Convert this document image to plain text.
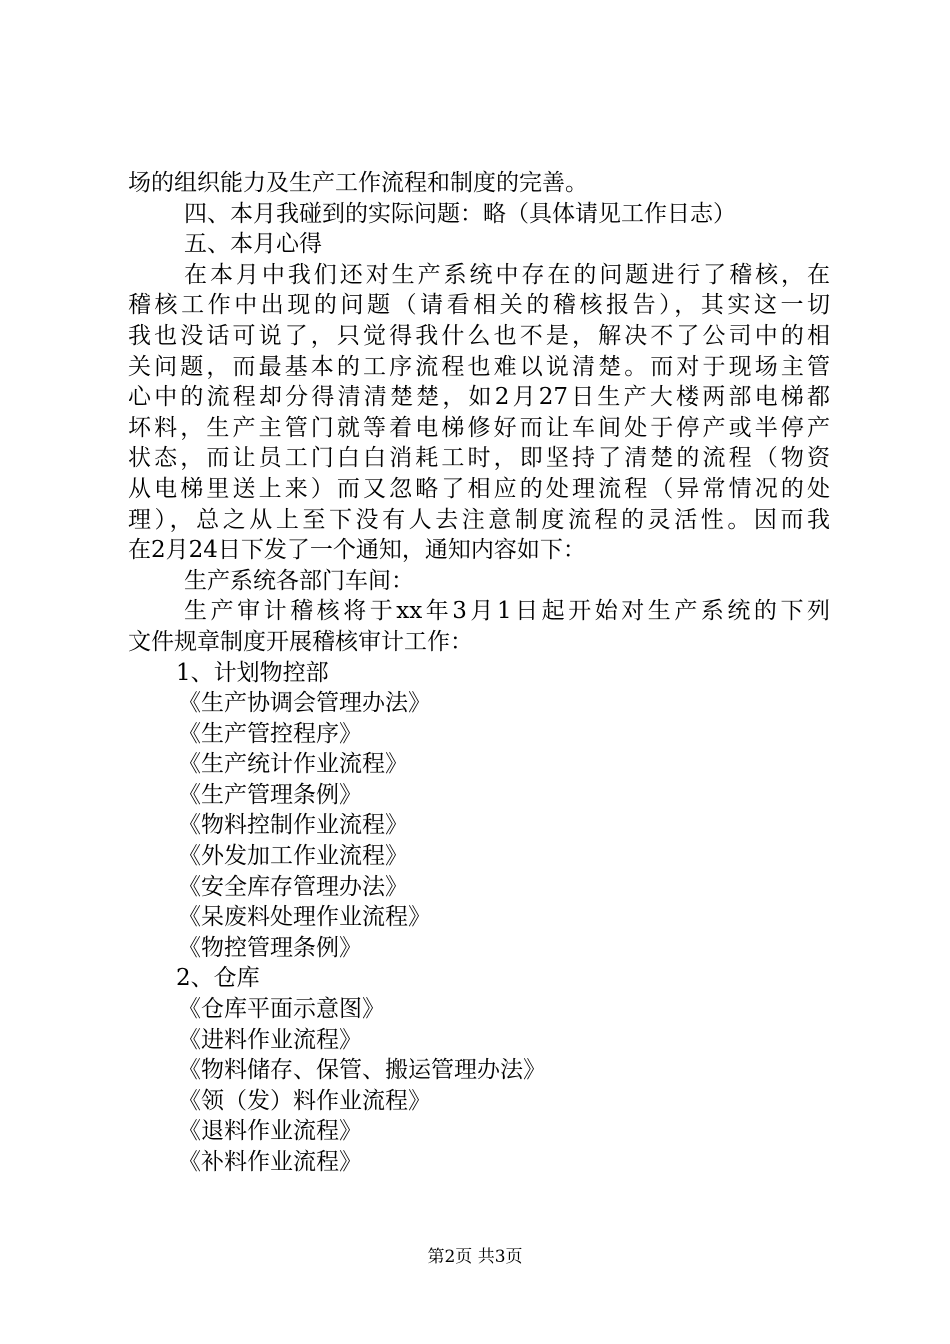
场的组织能力及生产工作流程和制度的完善。
四、本月我碰到的实际问题：略（具体请见工作日志）
五、本月心得
在本月中我们还对生产系统中存在的问题进行了稽核，在
稽核工作中出现的问题（请看相关的稽核报告），其实这一切
我也没话可说了，只觉得我什么也不是，解决不了公司中的相
关问题，而最基本的工序流程也难以说清楚。而对于现场主管
心中的流程却分得清清楚楚，如2月27日生产大楼两部电梯都
坏料，生产主管门就等着电梯修好而让车间处于停产或半停产
状态，而让员工门白白消耗工时，即坚持了清楚的流程（物资
从电梯里送上来）而又忽略了相应的处理流程（异常情况的处
理），总之从上至下没有人去注意制度流程的灵活性。因而我
在2月24日下发了一个通知，通知内容如下：
生产系统各部门车间：
生产审计稽核将于xx年3月1日起开始对生产系统的下列
文件规章制度开展稽核审计工作：
1、计划物控部
《生产协调会管理办法》
《生产管控程序》
《生产统计作业流程》
《生产管理条例》
《物料控制作业流程》
《外发加工作业流程》
《安全库存管理办法》
《呆废料处理作业流程》
《物控管理条例》
2、仓库
《仓库平面示意图》
《进料作业流程》
《物料储存、保管、搬运管理办法》
《领（发）料作业流程》
《退料作业流程》
《补料作业流程》
第2页 共3页
